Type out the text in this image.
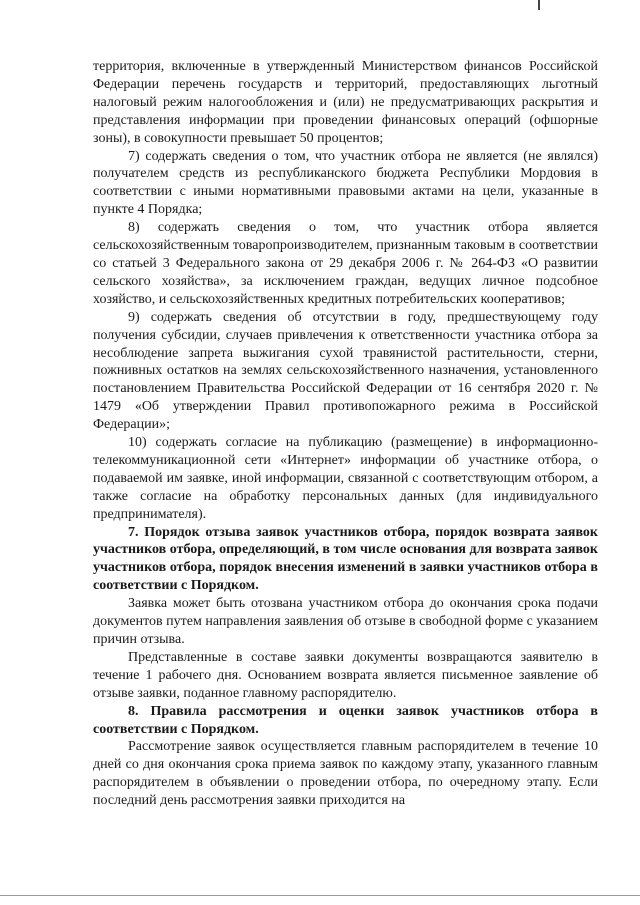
территория, включенные в утвержденный Министерством финансов Российской Федерации перечень государств и территорий, предоставляющих льготный налоговый режим налогообложения и (или) не предусматривающих раскрытия и представления информации при проведении финансовых операций (офшорные зоны), в совокупности превышает 50 процентов;

7) содержать сведения о том, что участник отбора не является (не являлся) получателем средств из республиканского бюджета Республики Мордовия в соответствии с иными нормативными правовыми актами на цели, указанные в пункте 4 Порядка;

8) содержать сведения о том, что участник отбора является сельскохозяйственным товаропроизводителем, признанным таковым в соответствии со статьей 3 Федерального закона от 29 декабря 2006 г. № 264-ФЗ «О развитии сельского хозяйства», за исключением граждан, ведущих личное подсобное хозяйство, и сельскохозяйственных кредитных потребительских кооперативов;

9) содержать сведения об отсутствии в году, предшествующему году получения субсидии, случаев привлечения к ответственности участника отбора за несоблюдение запрета выжигания сухой травянистой растительности, стерни, пожнивных остатков на землях сельскохозяйственного назначения, установленного постановлением Правительства Российской Федерации от 16 сентября 2020 г. № 1479 «Об утверждении Правил противопожарного режима в Российской Федерации»;

10) содержать согласие на публикацию (размещение) в информационно-телекоммуникационной сети «Интернет» информации об участнике отбора, о подаваемой им заявке, иной информации, связанной с соответствующим отбором, а также согласие на обработку персональных данных (для индивидуального предпринимателя).

7. Порядок отзыва заявок участников отбора, порядок возврата заявок участников отбора, определяющий, в том числе основания для возврата заявок участников отбора, порядок внесения изменений в заявки участников отбора в соответствии с Порядком.

Заявка может быть отозвана участником отбора до окончания срока подачи документов путем направления заявления об отзыве в свободной форме с указанием причин отзыва.

Представленные в составе заявки документы возвращаются заявителю в течение 1 рабочего дня. Основанием возврата является письменное заявление об отзыве заявки, поданное главному распорядителю.

8. Правила рассмотрения и оценки заявок участников отбора в соответствии с Порядком.

Рассмотрение заявок осуществляется главным распорядителем в течение 10 дней со дня окончания срока приема заявок по каждому этапу, указанного главным распорядителем в объявлении о проведении отбора, по очередному этапу. Если последний день рассмотрения заявки приходится на
